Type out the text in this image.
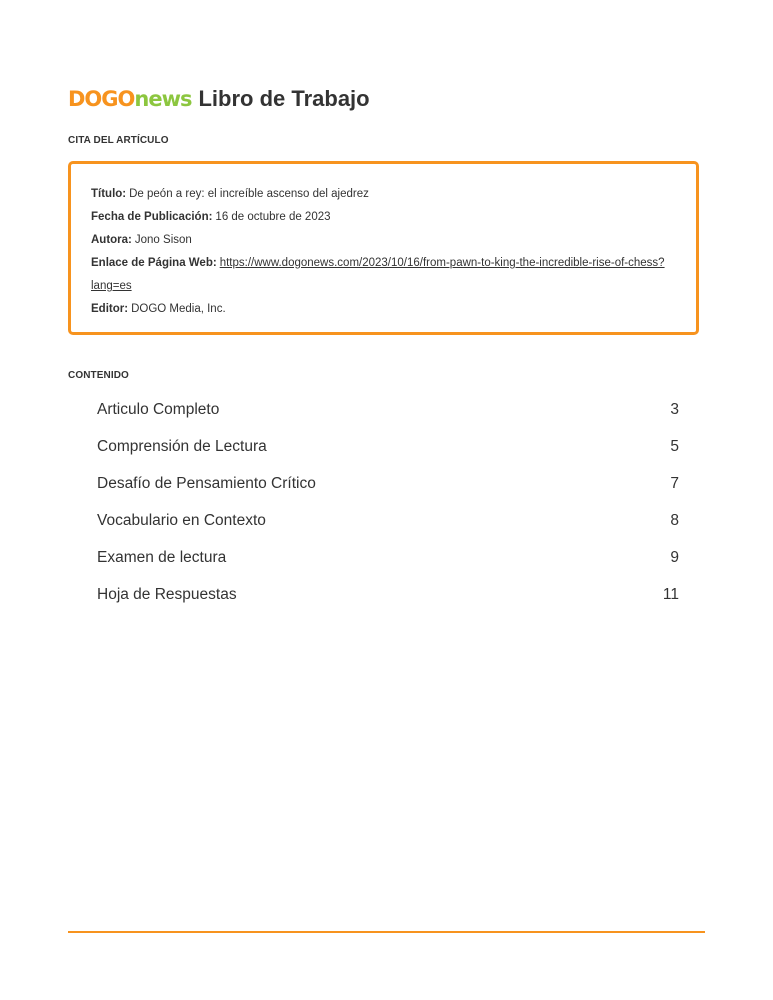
DOGOnews Libro de Trabajo
CITA DEL ARTÍCULO
Título: De peón a rey: el increíble ascenso del ajedrez
Fecha de Publicación: 16 de octubre de 2023
Autora: Jono Sison
Enlace de Página Web: https://www.dogonews.com/2023/10/16/from-pawn-to-king-the-incredible-rise-of-chess?
lang=es
Editor: DOGO Media, Inc.
CONTENIDO
Articulo Completo	3
Comprensión de Lectura	5
Desafío de Pensamiento Crítico	7
Vocabulario en Contexto	8
Examen de lectura	9
Hoja de Respuestas	11
